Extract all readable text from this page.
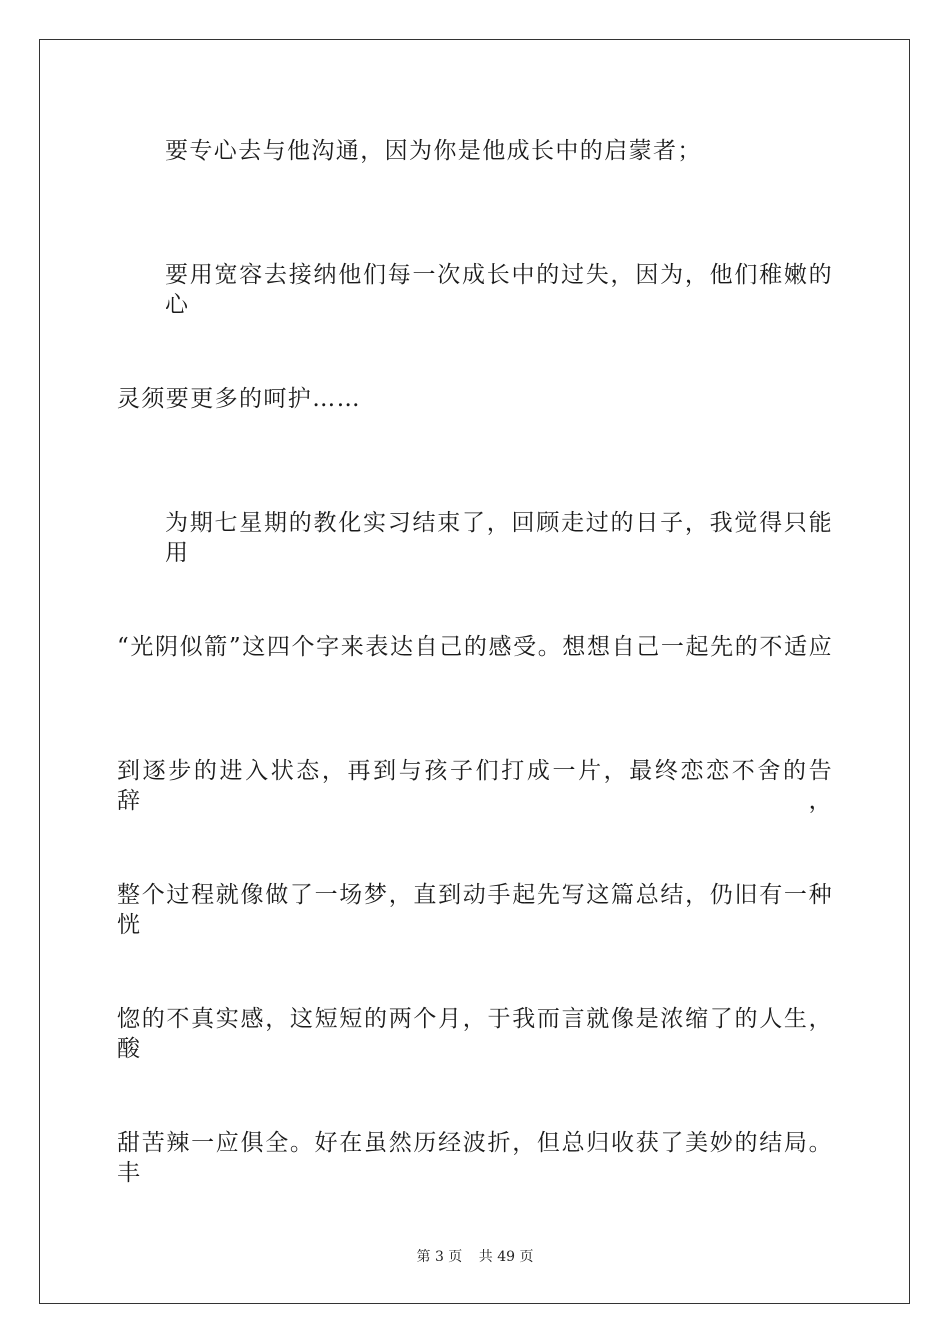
要专心去与他沟通，因为你是他成长中的启蒙者；
要用宽容去接纳他们每一次成长中的过失，因为，他们稚嫩的心
灵须要更多的呵护……
为期七星期的教化实习结束了，回顾走过的日子，我觉得只能用
“光阴似箭”这四个字来表达自己的感受。想想自己一起先的不适应
到逐步的进入状态，再到与孩子们打成一片，最终恋恋不舍的告辞，
整个过程就像做了一场梦，直到动手起先写这篇总结，仍旧有一种恍
惚的不真实感，这短短的两个月，于我而言就像是浓缩了的人生，酸
甜苦辣一应俱全。好在虽然历经波折，但总归收获了美妙的结局。丰
第 3 页 共 49 页
